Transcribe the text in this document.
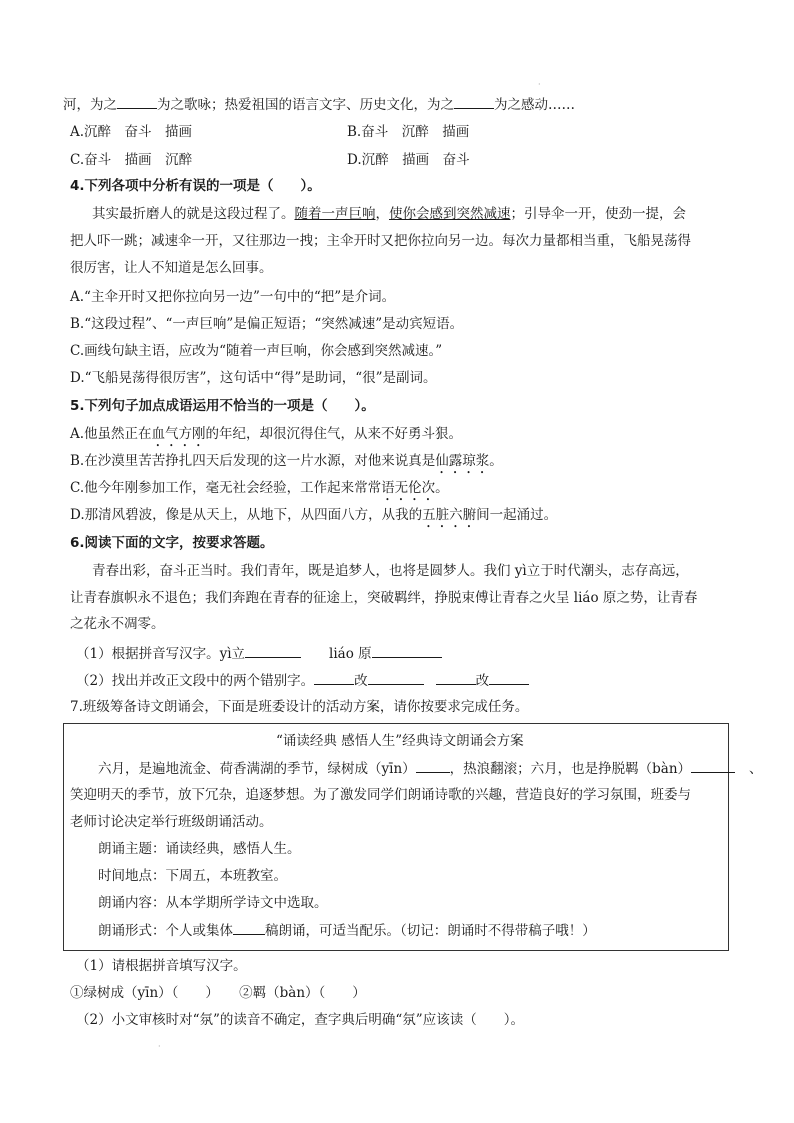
·
河，为之	为之歌咏；热爱祖国的语言文字、历史文化，为之	为之感动……
A.沉醉　奋斗　描画	B.奋斗　沉醉　描画
C.奋斗　描画　沉醉	D.沉醉　描画　奋斗
4.下列各项中分析有误的一项是（　　）。
其实最折磨人的就是这段过程了。随着一声巨响，使你会感到突然减速；引导伞一开，使劲一提，会
把人吓一跳；减速伞一开，又往那边一拽；主伞开时又把你拉向另一边。每次力量都相当重，飞船晃荡得
很厉害，让人不知道是怎么回事。
A.“主伞开时又把你拉向另一边”一句中的“把”是介词。
B.“这段过程”、“一声巨响”是偏正短语；“突然减速”是动宾短语。
C.画线句缺主语，应改为“随着一声巨响，你会感到突然减速。”
D.“飞船晃荡得很厉害”，这句话中“得”是助词，“很”是副词。
5.下列句子加点成语运用不恰当的一项是（　　）。
A.他虽然正在血气方刚的年纪，却很沉得住气，从来不好勇斗狠。
B.在沙漠里苦苦挣扎四天后发现的这一片水源，对他来说真是仙露琼浆。
C.他今年刚参加工作，毫无社会经验，工作起来常常语无伦次。
D.那清风碧波，像是从天上，从地下，从四面八方，从我的五脏六腑间一起涌过。
6.阅读下面的文字，按要求答题。
青春出彩，奋斗正当时。我们青年，既是追梦人，也将是圆梦人。我们 yì立于时代潮头，志存高远，
让青春旗帜永不退色；我们奔跑在青春的征途上，突破羁绊，挣脱束傅让青春之火呈 liáo 原之势，让青春
之花永不凋零。
（1）根据拼音写汉字。yì立	liáo 原
（2）找出并改正文段中的两个错别字。	改	改
7.班级筹备诗文朗诵会，下面是班委设计的活动方案，请你按要求完成任务。
“诵读经典 感悟人生”经典诗文朗诵会方案
六月，是遍地流金、荷香满湖的季节，绿树成（yīn）	，热浪翻滚；六月，也是挣脱羁（bàn）	、
笑迎明天的季节，放下冗杂，追逐梦想。为了激发同学们朗诵诗歌的兴趣，营造良好的学习氛围，班委与
老师讨论决定举行班级朗诵活动。
朗诵主题：诵读经典，感悟人生。
时间地点：下周五，本班教室。
朗诵内容：从本学期所学诗文中选取。
朗诵形式：个人或集体 稿朗诵，可适当配乐。（切记：朗诵时不得带稿子哦！）
（1）请根据拼音填写汉字。
①绿树成（yīn）（　　）　　②羁（bàn）（　　）
（2）小文审核时对“氛”的读音不确定，查字典后明确“氛”应该读（　　）。
·
